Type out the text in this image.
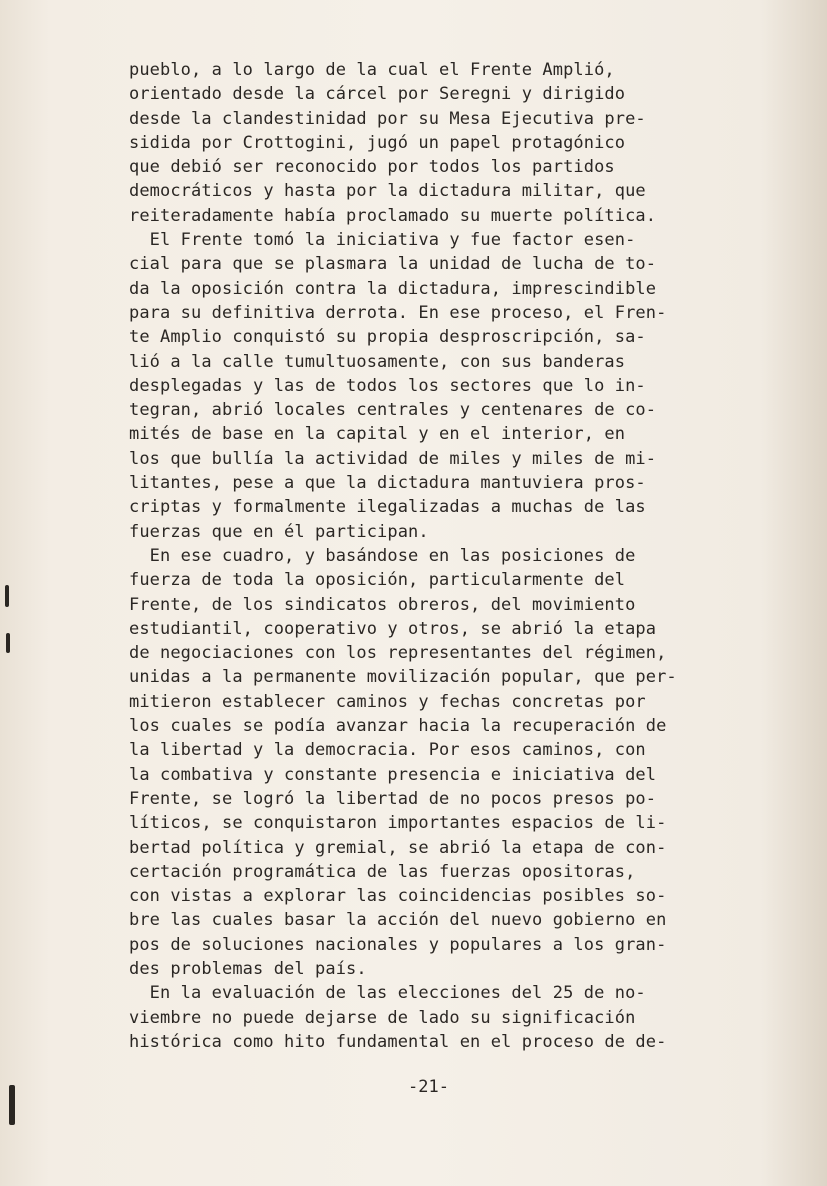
pueblo, a lo largo de la cual el Frente Amplió,
orientado desde la cárcel por Seregni y dirigido
desde la clandestinidad por su Mesa Ejecutiva pre-
sidida por Crottogini, jugó un papel protagónico
que debió ser reconocido por todos los partidos
democráticos y hasta por la dictadura militar, que
reiteradamente había proclamado su muerte política.
El Frente tomó la iniciativa y fue factor esen-
cial para que se plasmara la unidad de lucha de to-
da la oposición contra la dictadura, imprescindible
para su definitiva derrota. En ese proceso, el Fren-
te Amplio conquistó su propia desproscripción, sa-
lió a la calle tumultuosamente, con sus banderas
desplegadas y las de todos los sectores que lo in-
tegran, abrió locales centrales y centenares de co-
mités de base en la capital y en el interior, en
los que bullía la actividad de miles y miles de mi-
litantes, pese a que la dictadura mantuviera pros-
criptas y formalmente ilegalizadas a muchas de las
fuerzas que en él participan.
En ese cuadro, y basándose en las posiciones de
fuerza de toda la oposición, particularmente del
Frente, de los sindicatos obreros, del movimiento
estudiantil, cooperativo y otros, se abrió la etapa
de negociaciones con los representantes del régimen,
unidas a la permanente movilización popular, que per-
mitieron establecer caminos y fechas concretas por
los cuales se podía avanzar hacia la recuperación de
la libertad y la democracia. Por esos caminos, con
la combativa y constante presencia e iniciativa del
Frente, se logró la libertad de no pocos presos po-
líticos, se conquistaron importantes espacios de li-
bertad política y gremial, se abrió la etapa de con-
certación programática de las fuerzas opositoras,
con vistas a explorar las coincidencias posibles so-
bre las cuales basar la acción del nuevo gobierno en
pos de soluciones nacionales y populares a los gran-
des problemas del país.
En la evaluación de las elecciones del 25 de no-
viembre no puede dejarse de lado su significación
histórica como hito fundamental en el proceso de de-
-21-
